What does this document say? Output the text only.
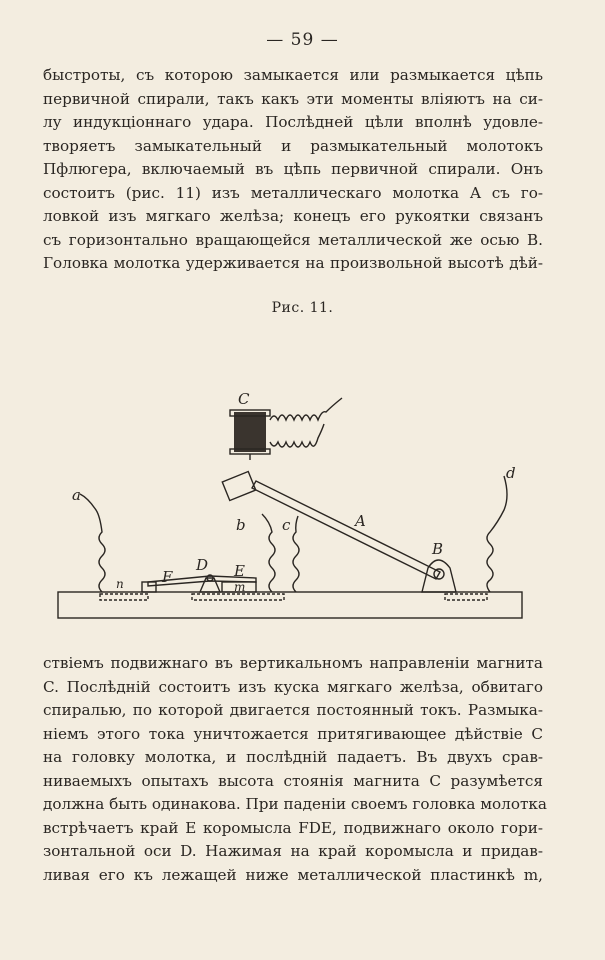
— 59 —
быстроты, съ которою замыкается или размыкается цѣпь
первичной спирали, такъ какъ эти моменты вліяютъ на си-
лу индукціоннаго удара. Послѣдней цѣли вполнѣ удовле-
творяетъ замыкательный и размыкательный молотокъ
Пфлюгера, включаемый въ цѣпь первичной спирали. Онъ
состоитъ (рис. 11) изъ металлическаго молотка A съ го-
ловкой изъ мягкаго желѣза; конецъ его рукоятки связанъ
съ горизонтально вращающейся металлической же осью B.
Головка молотка удерживается на произвольной высотѣ дѣй-
Рис. 11.
C
A
B
d
a
b c
F
n
D E
m
ствіемъ подвижнаго въ вертикальномъ направленіи магнита
C. Послѣдній состоитъ изъ куска мягкаго желѣза, обвитаго
спиралью, по которой двигается постоянный токъ. Размыка-
ніемъ этого тока уничтожается притягивающее дѣйствіе C
на головку молотка, и послѣдній падаетъ. Въ двухъ срав-
ниваемыхъ опытахъ высота стоянія магнита C разумѣется
должна быть одинакова. При паденіи своемъ головка молотка
встрѣчаетъ край E коромысла FDE, подвижнаго около гори-
зонтальной оси D. Нажимая на край коромысла и придав-
ливая его къ лежащей ниже металлической пластинкѣ m,
